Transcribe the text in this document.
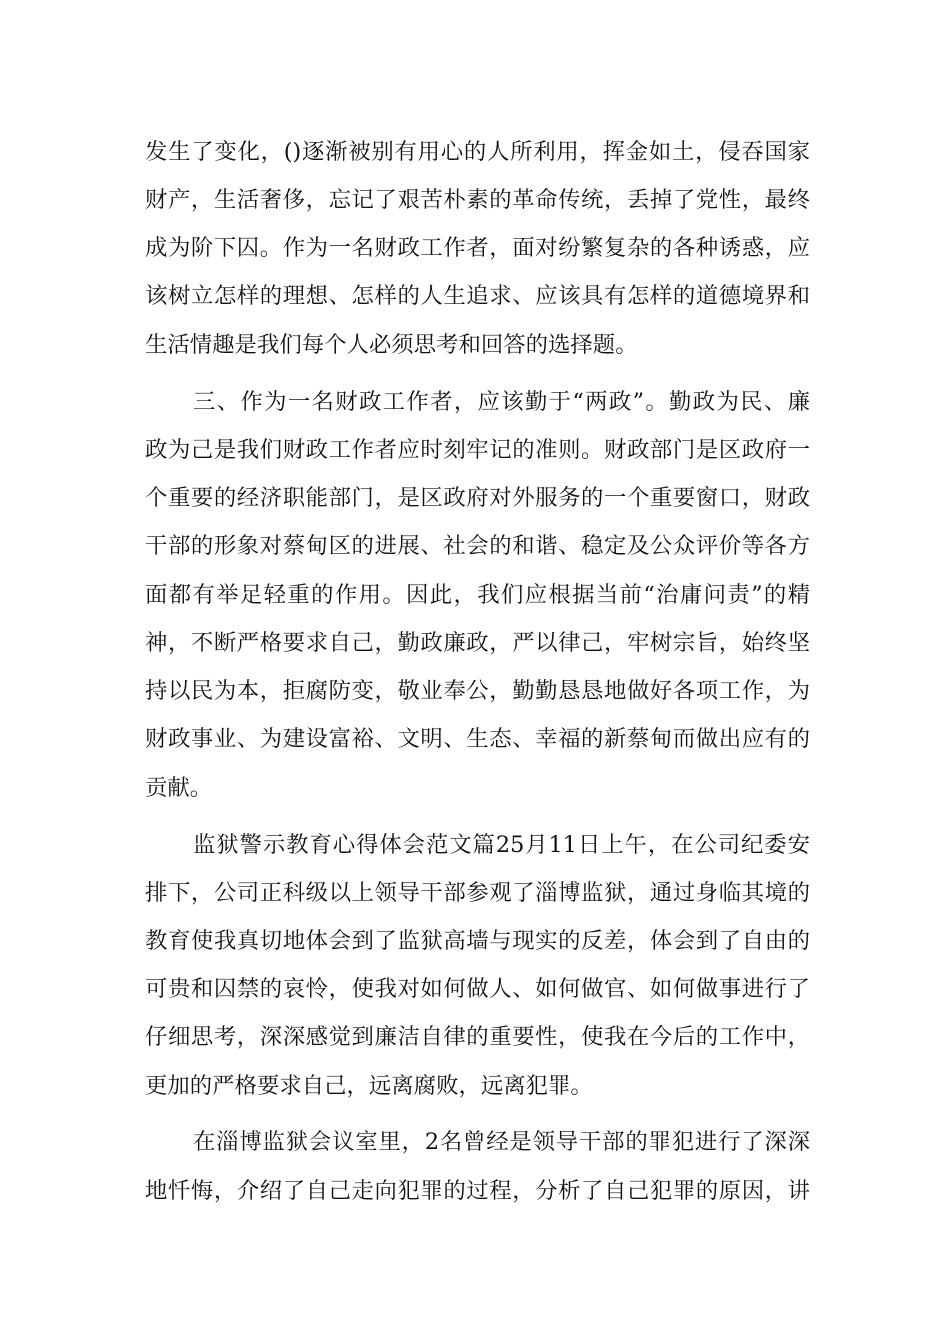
发生了变化，()逐渐被别有用心的人所利用，挥金如土，侵吞国家
财产，生活奢侈，忘记了艰苦朴素的革命传统，丢掉了党性，最终
成为阶下囚。作为一名财政工作者，面对纷繁复杂的各种诱惑，应
该树立怎样的理想、怎样的人生追求、应该具有怎样的道德境界和
生活情趣是我们每个人必须思考和回答的选择题。
三、作为一名财政工作者，应该勤于“两政”。勤政为民、廉
政为己是我们财政工作者应时刻牢记的准则。财政部门是区政府一
个重要的经济职能部门，是区政府对外服务的一个重要窗口，财政
干部的形象对蔡甸区的进展、社会的和谐、稳定及公众评价等各方
面都有举足轻重的作用。因此，我们应根据当前“治庸问责”的精
神，不断严格要求自己，勤政廉政，严以律己，牢树宗旨，始终坚
持以民为本，拒腐防变，敬业奉公，勤勤恳恳地做好各项工作，为
财政事业、为建设富裕、文明、生态、幸福的新蔡甸而做出应有的
贡献。
监狱警示教育心得体会范文篇25月11日上午，在公司纪委安
排下，公司正科级以上领导干部参观了淄博监狱，通过身临其境的
教育使我真切地体会到了监狱高墙与现实的反差，体会到了自由的
可贵和囚禁的哀怜，使我对如何做人、如何做官、如何做事进行了
仔细思考，深深感觉到廉洁自律的重要性，使我在今后的工作中，
更加的严格要求自己，远离腐败，远离犯罪。
在淄博监狱会议室里，2名曾经是领导干部的罪犯进行了深深
地忏悔，介绍了自己走向犯罪的过程，分析了自己犯罪的原因，讲
